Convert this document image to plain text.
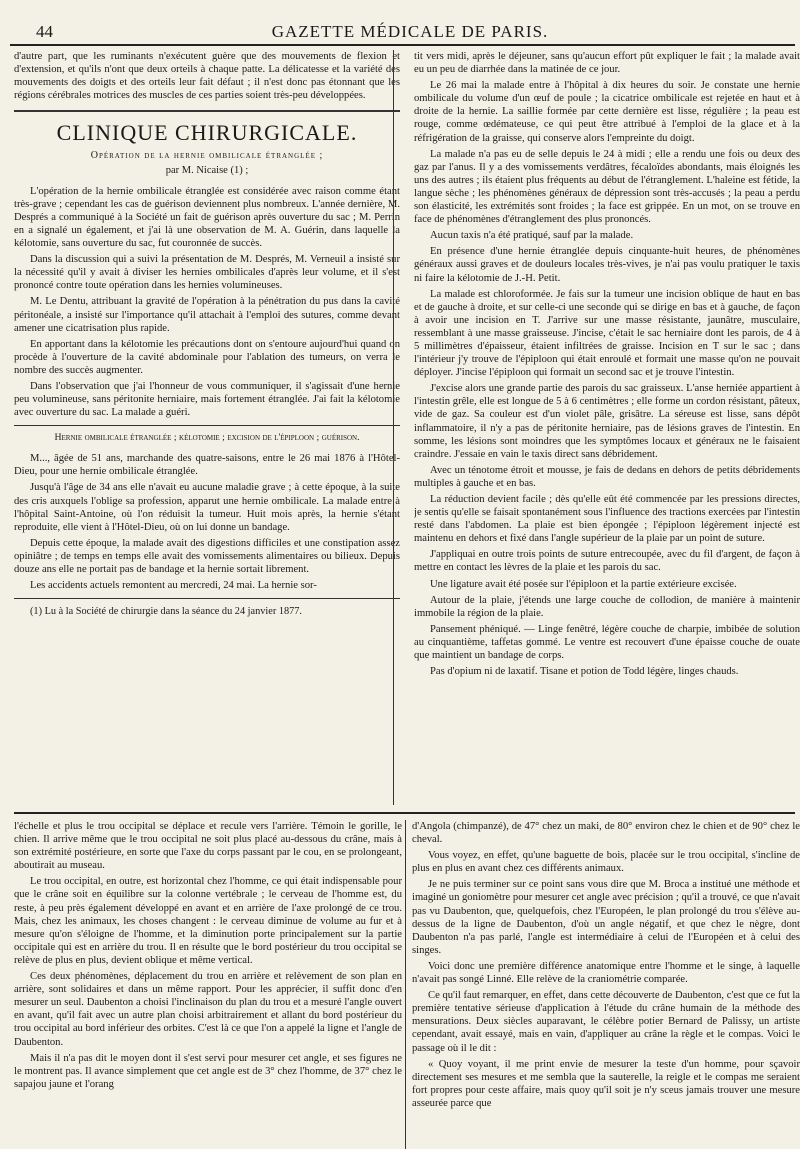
44	GAZETTE MÉDICALE DE PARIS.

d'autre part, que les ruminants n'exécutent guère que des mouvements de flexion et d'extension, et qu'ils n'ont que deux orteils à chaque patte. La délicatesse et la variété des mouvements des doigts et des orteils leur fait défaut ; il n'est donc pas étonnant que les régions cérébrales motrices des muscles de ces parties soient très-peu développées.

CLINIQUE CHIRURGICALE.
Opération de la hernie ombilicale étranglée ;
par M. Nicaise (1) ;

L'opération de la hernie ombilicale étranglée est considérée avec raison comme étant très-grave ; cependant les cas de guérison deviennent plus nombreux. L'année dernière, M. Després a communiqué à la Société un fait de guérison après ouverture du sac ; M. Perrin en a signalé un également, et j'ai là une observation de M. A. Guérin, dans laquelle la kélotomie, sans ouverture du sac, fut couronnée de succès.

Dans la discussion qui a suivi la présentation de M. Després, M. Verneuil a insisté sur la nécessité qu'il y avait à diviser les hernies ombilicales d'après leur volume, et il s'est prononcé contre toute opération dans les hernies volumineuses.

M. Le Dentu, attribuant la gravité de l'opération à la pénétration du pus dans la cavité péritonéale, a insisté sur l'importance qu'il attachait à l'emploi des sutures, comme devant amener une cicatrisation plus rapide.

En apportant dans la kélotomie les précautions dont on s'entoure aujourd'hui quand on procède à l'ouverture de la cavité abdominale pour l'ablation des tumeurs, on verra le nombre des succès augmenter.

Dans l'observation que j'ai l'honneur de vous communiquer, il s'agissait d'une hernie peu volumineuse, sans péritonite herniaire, mais fortement étranglée. J'ai fait la kélotomie avec ouverture du sac. La malade a guéri.

Hernie ombilicale étranglée ; kélotomie ; excision de l'épiploon ; guérison.

M..., âgée de 51 ans, marchande des quatre-saisons, entre le 26 mai 1876 à l'Hôtel-Dieu, pour une hernie ombilicale étranglée.

Jusqu'à l'âge de 34 ans elle n'avait eu aucune maladie grave ; à cette époque, à la suite des cris auxquels l'oblige sa profession, apparut une hernie ombilicale. La malade entre à l'hôpital Saint-Antoine, où l'on réduisit la tumeur. Huit mois après, la hernie s'étant reproduite, elle vient à l'Hôtel-Dieu, où on lui donne un bandage.

Depuis cette époque, la malade avait des digestions difficiles et une constipation assez opiniâtre ; de temps en temps elle avait des vomissements alimentaires ou bilieux. Depuis douze ans elle ne portait pas de bandage et la hernie sortait librement.

Les accidents actuels remontent au mercredi, 24 mai. La hernie sor-

(1) Lu à la Société de chirurgie dans la séance du 24 janvier 1877.

tit vers midi, après le déjeuner, sans qu'aucun effort pût expliquer le fait ; la malade avait eu un peu de diarrhée dans la matinée de ce jour.

Le 26 mai la malade entre à l'hôpital à dix heures du soir. Je constate une hernie ombilicale du volume d'un œuf de poule ; la cicatrice ombilicale est rejetée en haut et à droite de la hernie. La saillie formée par cette dernière est lisse, régulière ; la peau est rouge, comme œdémateuse, ce qui peut être attribué à l'emploi de la glace et à la réfrigération de la graisse, qui conserve alors l'empreinte du doigt.

La malade n'a pas eu de selle depuis le 24 à midi ; elle a rendu une fois ou deux des gaz par l'anus. Il y a des vomissements verdâtres, fécaloïdes abondants, mais éloignés les uns des autres ; ils étaient plus fréquents au début de l'étranglement. L'haleine est fétide, la langue sèche ; les phénomènes généraux de dépression sont très-accusés ; la peau a perdu son élasticité, les extrémités sont froides ; la face est grippée. En un mot, on se trouve en face de phénomènes d'étranglement des plus prononcés.

Aucun taxis n'a été pratiqué, sauf par la malade.

En présence d'une hernie étranglée depuis cinquante-huit heures, de phénomènes généraux aussi graves et de douleurs locales très-vives, je n'ai pas voulu pratiquer le taxis ni faire la kélotomie de J.-H. Petit.

La malade est chloroformée. Je fais sur la tumeur une incision oblique de haut en bas et de gauche à droite, et sur celle-ci une seconde qui se dirige en bas et à gauche, de façon à avoir une incision en T. J'arrive sur une masse résistante, jaunâtre, musculaire, ressemblant à une masse graisseuse. J'incise, c'était le sac herniaire dont les parois, de 4 à 5 millimètres d'épaisseur, étaient infiltrées de graisse. Incision en T sur le sac ; dans l'intérieur j'y trouve de l'épiploon qui était enroulé et formait une masse qu'on ne pouvait déployer. J'incise l'épiploon qui formait un second sac et je trouve l'intestin.

J'excise alors une grande partie des parois du sac graisseux. L'anse herniée appartient à l'intestin grêle, elle est longue de 5 à 6 centimètres ; elle forme un cordon résistant, pâteux, vide de gaz. Sa couleur est d'un violet pâle, grisâtre. La séreuse est lisse, sans dépôt inflammatoire, il n'y a pas de péritonite herniaire, pas de lésions graves de l'intestin. En somme, les lésions sont moindres que les symptômes locaux et généraux ne le faisaient craindre. J'essaie en vain le taxis direct sans débridement.

Avec un ténotome étroit et mousse, je fais de dedans en dehors de petits débridements multiples à gauche et en bas.

La réduction devient facile ; dès qu'elle eût été commencée par les pressions directes, je sentis qu'elle se faisait spontanément sous l'influence des tractions exercées par l'intestin resté dans l'abdomen. La plaie est bien épongée ; l'épiploon légèrement injecté est maintenu en dehors et fixé dans l'angle supérieur de la plaie par un point de suture.

J'appliquai en outre trois points de suture entrecoupée, avec du fil d'argent, de façon à mettre en contact les lèvres de la plaie et les parois du sac.

Une ligature avait été posée sur l'épiploon et la partie extérieure excisée.

Autour de la plaie, j'étends une large couche de collodion, de manière à maintenir immobile la région de la plaie.

Pansement phéniqué. — Linge fenêtré, légère couche de charpie, imbibée de solution au cinquantième, taffetas gommé. Le ventre est recouvert d'une épaisse couche de ouate que maintient un bandage de corps.

Pas d'opium ni de laxatif. Tisane et potion de Todd légère, linges chauds.

l'échelle et plus le trou occipital se déplace et recule vers l'arrière. Témoin le gorille, le chien. Il arrive même que le trou occipital ne soit plus placé au-dessous du crâne, mais à son extrémité postérieure, en sorte que l'axe du corps passant par le cou, en se prolongeant, aboutirait au museau.

Le trou occipital, en outre, est horizontal chez l'homme, ce qui était indispensable pour que le crâne soit en équilibre sur la colonne vertébrale ; le cerveau de l'homme est, du reste, à peu près également développé en avant et en arrière de l'axe prolongé de ce trou. Mais, chez les animaux, les choses changent : le cerveau diminue de volume au fur et à mesure qu'on s'éloigne de l'homme, et la diminution porte principalement sur la partie occipitale qui est en arrière du trou. Il en résulte que le bord postérieur du trou occipital se relève de plus en plus, devient oblique et même vertical.

Ces deux phénomènes, déplacement du trou en arrière et relèvement de son plan en arrière, sont solidaires et dans un même rapport. Pour les apprécier, il suffit donc d'en mesurer un seul. Daubenton a choisi l'inclinaison du plan du trou et a mesuré l'angle ouvert en avant, qu'il fait avec un autre plan choisi arbitrairement et allant du bord postérieur du trou occipital au bord inférieur des orbites. C'est là ce que l'on a appelé la ligne et l'angle de Daubenton.

Mais il n'a pas dit le moyen dont il s'est servi pour mesurer cet angle, et ses figures ne le montrent pas. Il avance simplement que cet angle est de 3° chez l'homme, de 37° chez le sapajou jaune et l'orang

d'Angola (chimpanzé), de 47° chez un maki, de 80° environ chez le chien et de 90° chez le cheval.

Vous voyez, en effet, qu'une baguette de bois, placée sur le trou occipital, s'incline de plus en plus en avant chez ces différents animaux.

Je ne puis terminer sur ce point sans vous dire que M. Broca a institué une méthode et imaginé un goniomètre pour mesurer cet angle avec précision ; qu'il a trouvé, ce que n'avait pas vu Daubenton, que, quelquefois, chez l'Européen, le plan prolongé du trou s'élève au-dessus de la ligne de Daubenton, d'où un angle négatif, et que chez le nègre, dont Daubenton n'a pas parlé, l'angle est intermédiaire à celui de l'Européen et à celui des singes.

Voici donc une première différence anatomique entre l'homme et le singe, à laquelle n'avait pas songé Linné. Elle relève de la craniométrie comparée.

Ce qu'il faut remarquer, en effet, dans cette découverte de Daubenton, c'est que ce fut la première tentative sérieuse d'application à l'étude du crâne humain de la méthode des mensurations. Deux siècles auparavant, le célèbre potier Bernard de Palissy, un artiste cependant, avait essayé, mais en vain, d'appliquer au crâne la règle et le compas. Voici le passage où il le dit :

« Quoy voyant, il me print envie de mesurer la teste d'un homme, pour sçavoir directement ses mesures et me sembla que la sauterelle, la reigle et le compas me seraient fort propres pour ceste affaire, mais quoy qu'il soit je n'y sceus jamais trouver une mesure asseurée parce que
